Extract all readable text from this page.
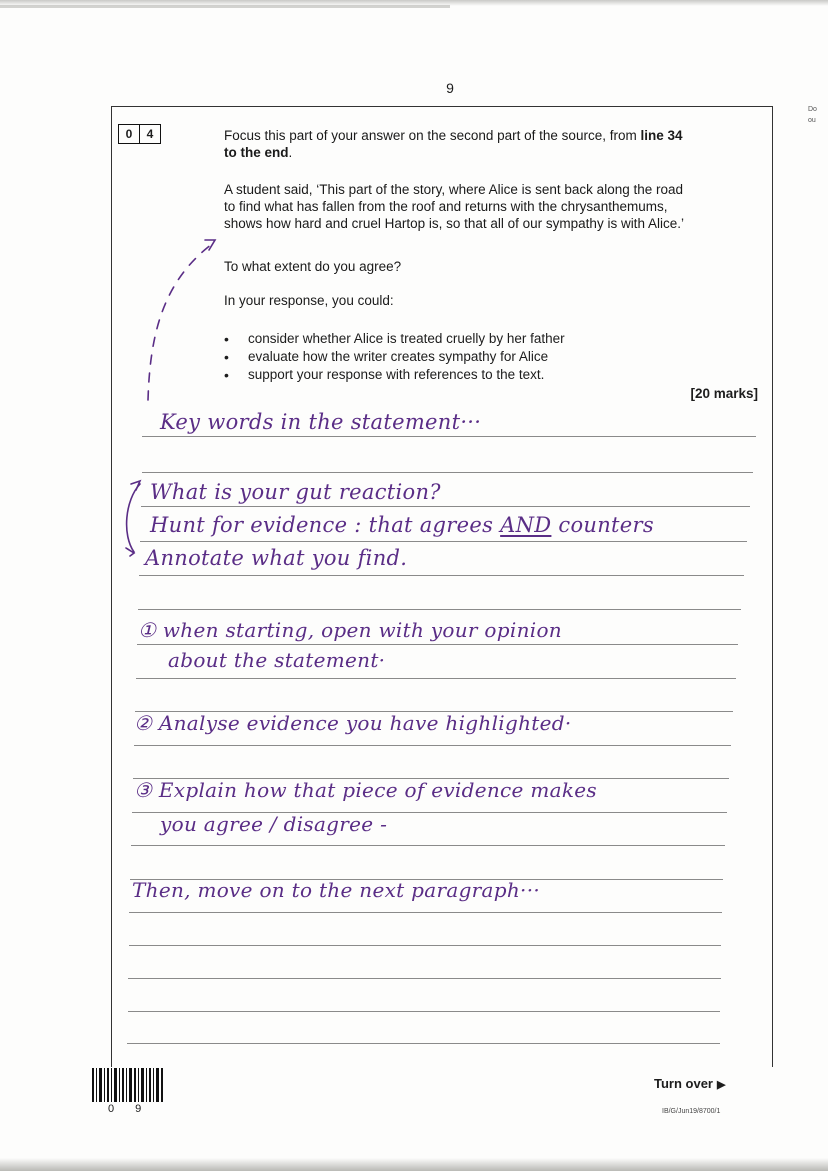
9
Do
ou
0	4	Focus this part of your answer on the second part of the source, from line 34
to the end.
A student said, ‘This part of the story, where Alice is sent back along the road
to find what has fallen from the roof and returns with the chrysanthemums,
shows how hard and cruel Hartop is, so that all of our sympathy is with Alice.’
To what extent do you agree?
In your response, you could:
• consider whether Alice is treated cruelly by her father
• evaluate how the writer creates sympathy for Alice
• support your response with references to the text.
[20 marks]
Key words in the statement···
What is your gut reaction?
Hunt for evidence : that agrees AND counters
Annotate what you find.
① when starting, open with your opinion
about the statement·
② Analyse evidence you have highlighted·
③ Explain how that piece of evidence makes
you agree / disagree -
Then, move on to the next paragraph···
0 9
Turn over ▶
IB/G/Jun19/8700/1
